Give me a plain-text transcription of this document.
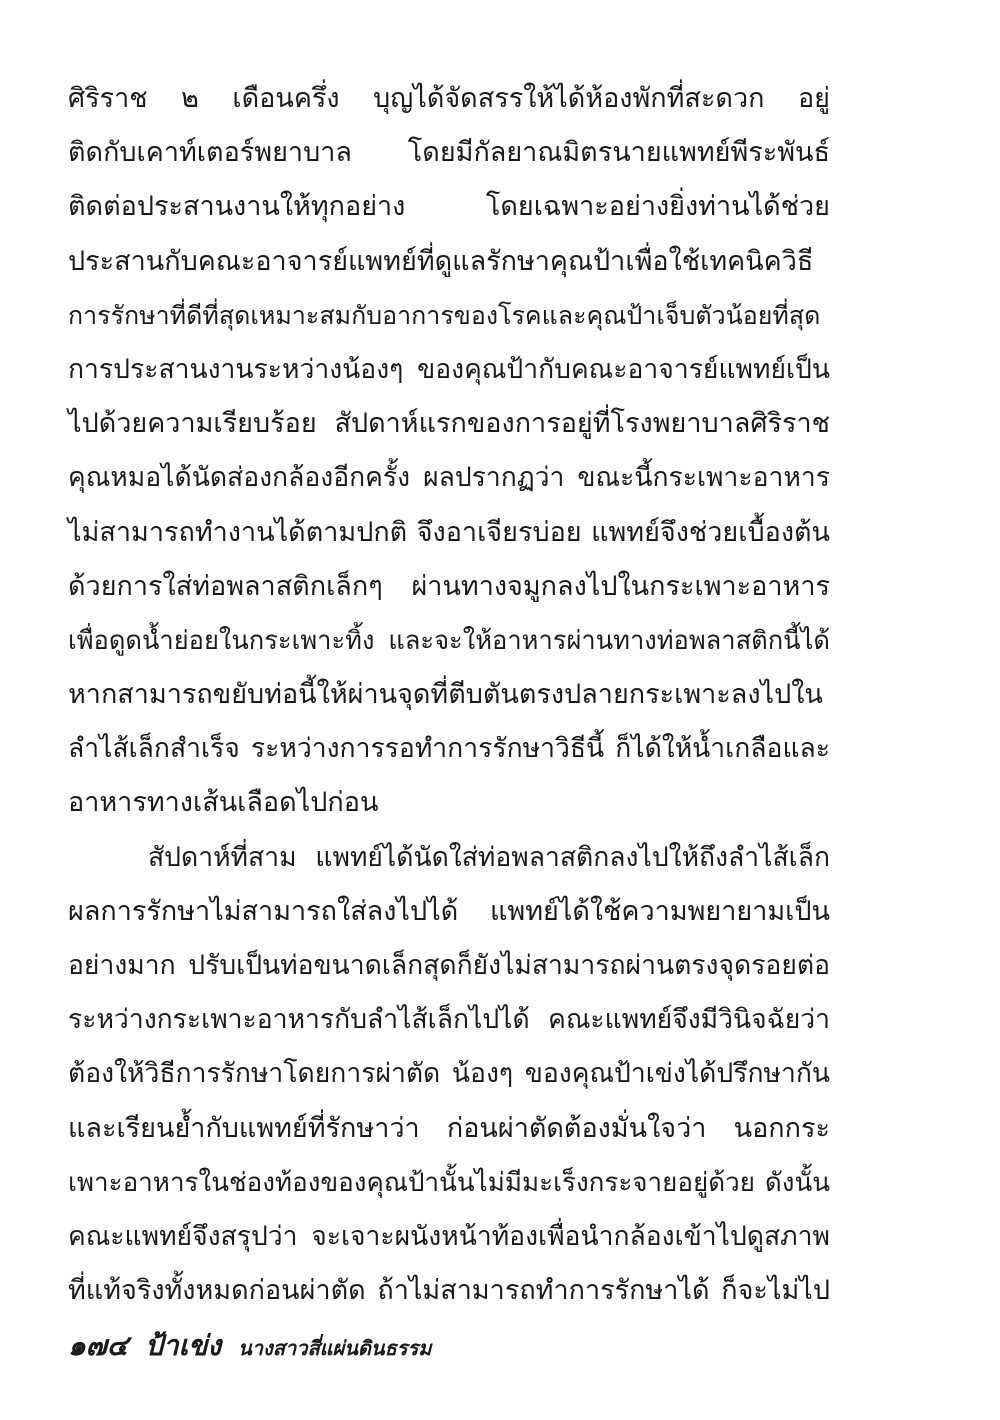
ศิริราช ๒ เดือนครึ่ง บุญได้จัดสรรให้ได้ห้องพักที่สะดวก อยู่
ติดกับเคาท์เตอร์พยาบาล โดยมีกัลยาณมิตรนายแพทย์พีระพันธ์
ติดต่อประสานงานให้ทุกอย่าง โดยเฉพาะอย่างยิ่งท่านได้ช่วย
ประสานกับคณะอาจารย์แพทย์ที่ดูแลรักษาคุณป้าเพื่อใช้เทคนิควิธี
การรักษาที่ดีที่สุดเหมาะสมกับอาการของโรคและคุณป้าเจ็บตัวน้อยที่สุด
การประสานงานระหว่างน้องๆ ของคุณป้ากับคณะอาจารย์แพทย์เป็น
ไปด้วยความเรียบร้อย สัปดาห์แรกของการอยู่ที่โรงพยาบาลศิริราช
คุณหมอได้นัดส่องกล้องอีกครั้ง ผลปรากฏว่า ขณะนี้กระเพาะอาหาร
ไม่สามารถทำงานได้ตามปกติ จึงอาเจียรบ่อย แพทย์จึงช่วยเบื้องต้น
ด้วยการใส่ท่อพลาสติกเล็กๆ ผ่านทางจมูกลงไปในกระเพาะอาหาร
เพื่อดูดน้ำย่อยในกระเพาะทิ้ง และจะให้อาหารผ่านทางท่อพลาสติกนี้ได้
หากสามารถขยับท่อนี้ให้ผ่านจุดที่ตีบตันตรงปลายกระเพาะลงไปใน
ลำไส้เล็กสำเร็จ ระหว่างการรอทำการรักษาวิธีนี้ ก็ได้ให้น้ำเกลือและ
อาหารทางเส้นเลือดไปก่อน
สัปดาห์ที่สาม แพทย์ได้นัดใส่ท่อพลาสติกลงไปให้ถึงลำไส้เล็ก
ผลการรักษาไม่สามารถใส่ลงไปได้ แพทย์ได้ใช้ความพยายามเป็น
อย่างมาก ปรับเป็นท่อขนาดเล็กสุดก็ยังไม่สามารถผ่านตรงจุดรอยต่อ
ระหว่างกระเพาะอาหารกับลำไส้เล็กไปได้ คณะแพทย์จึงมีวินิจฉัยว่า
ต้องให้วิธีการรักษาโดยการผ่าตัด น้องๆ ของคุณป้าเข่งได้ปรึกษากัน
และเรียนย้ำกับแพทย์ที่รักษาว่า ก่อนผ่าตัดต้องมั่นใจว่า นอกกระ
เพาะอาหารในช่องท้องของคุณป้านั้นไม่มีมะเร็งกระจายอยู่ด้วย ดังนั้น
คณะแพทย์จึงสรุปว่า จะเจาะผนังหน้าท้องเพื่อนำกล้องเข้าไปดูสภาพ
ที่แท้จริงทั้งหมดก่อนผ่าตัด ถ้าไม่สามารถทำการรักษาได้ ก็จะไม่ไป
๑๗๔ ป้าเข่ง นางสาวสี่แผ่นดินธรรม
